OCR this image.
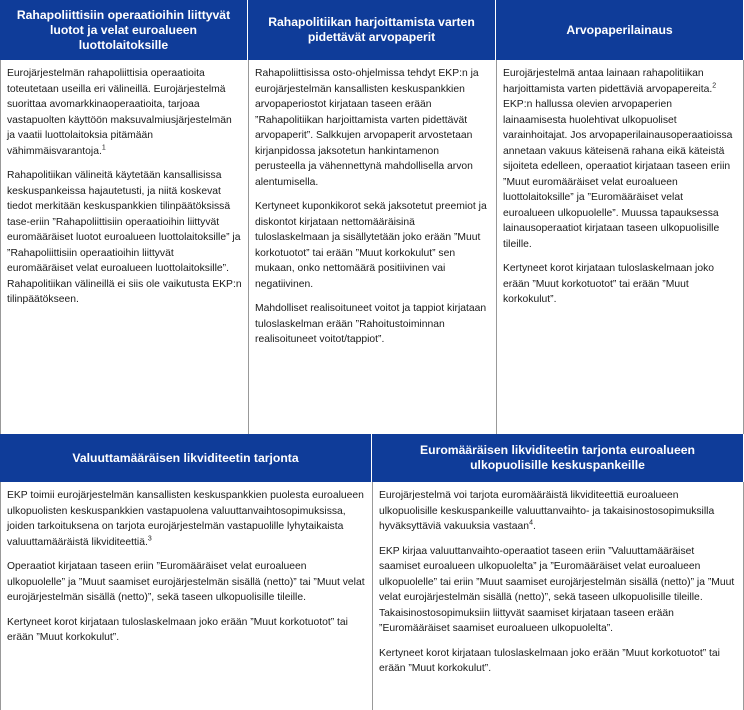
Rahapoliittisiin operaatioihin liittyvät luotot ja velat euroalueen luottolaitoksille
Rahapolitiikan harjoittamista varten pidettävät arvopaperit
Arvopaperilainaus

Eurojärjestelmän rahapoliittisia operaatioita toteutetaan useilla eri välineillä. Eurojärjestelmä suorittaa avomarkkinaoperaatioita, tarjoaa vastapuolten käyttöön maksuvalmiusjärjestelmän ja vaatii luottolaitoksia pitämään vähimmäisvarantoja.$^1$

Rahapolitiikan välineitä käytetään kansallisissa keskuspankeissa hajautetusti, ja niitä koskevat tiedot merkitään keskuspankkien tilinpäätöksissä tase-eriin ”Rahapoliittisiin operaatioihin liittyvät euromääräiset luotot euroalueen luottolaitoksille” ja ”Rahapoliittisiin operaatioihin liittyvät euromääräiset velat euroalueen luottolaitoksille”. Rahapolitiikan välineillä ei siis ole vaikutusta EKP:n tilinpäätökseen.

Rahapoliittisissa osto-ohjelmissa tehdyt EKP:n ja eurojärjestelmän kansallisten keskuspankkien arvopaperiostot kirjataan taseen erään ”Rahapolitiikan harjoittamista varten pidettävät arvopaperit”. Salkkujen arvopaperit arvostetaan kirjanpidossa jaksotetun hankintamenon perusteella ja vähennettynä mahdollisella arvon alentumisella.

Kertyneet kuponkikorot sekä jaksotetut preemiot ja diskontot kirjataan nettomääräisinä tuloslaskelmaan ja sisällytetään joko erään ”Muut korkotuotot” tai erään ”Muut korkokulut” sen mukaan, onko nettomäärä positiivinen vai negatiivinen.

Mahdolliset realisoituneet voitot ja tappiot kirjataan tuloslaskelman erään ”Rahoitustoiminnan realisoituneet voitot/tappiot”.

Eurojärjestelmä antaa lainaan rahapolitiikan harjoittamista varten pidettäviä arvopapereita.$^2$ EKP:n hallussa olevien arvopaperien lainaamisesta huolehtivat ulkopuoliset varainhoitajat. Jos arvopaperilainausoperaatioissa annetaan vakuus käteisenä rahana eikä käteistä sijoiteta edelleen, operaatiot kirjataan taseen eriin ”Muut euromääräiset velat euroalueen luottolaitoksille” ja ”Euromääräiset velat euroalueen ulkopuolelle”. Muussa tapauksessa lainausoperaatiot kirjataan taseen ulkopuolisille tileille.

Kertyneet korot kirjataan tuloslaskelmaan joko erään ”Muut korkotuotot” tai erään ”Muut korkokulut”.

Valuuttamääräisen likviditeetin tarjonta
Euromääräisen likviditeetin tarjonta euroalueen ulkopuolisille keskuspankeille

EKP toimii eurojärjestelmän kansallisten keskuspankkien puolesta euroalueen ulkopuolisten keskuspankkien vastapuolena valuuttanvaihtosopimuksissa, joiden tarkoituksena on tarjota eurojärjestelmän vastapuolille lyhytaikaista valuuttamääräistä likviditeettiä.$^3$

Operaatiot kirjataan taseen eriin ”Euromääräiset velat euroalueen ulkopuolelle” ja ”Muut saamiset eurojärjestelmän sisällä (netto)” tai ”Muut velat eurojärjestelmän sisällä (netto)”, sekä taseen ulkopuolisille tileille.

Kertyneet korot kirjataan tuloslaskelmaan joko erään ”Muut korkotuotot” tai erään ”Muut korkokulut”.

Eurojärjestelmä voi tarjota euromääräistä likviditeettiä euroalueen ulkopuolisille keskuspankeille valuuttanvaihto- ja takaisinostosopimuksilla hyväksyttäviä vakuuksia vastaan$^4$.

EKP kirjaa valuuttanvaihto-operaatiot taseen eriin ”Valuuttamääräiset saamiset euroalueen ulkopuolelta” ja ”Euromääräiset velat euroalueen ulkopuolelle” tai eriin ”Muut saamiset eurojärjestelmän sisällä (netto)” ja ”Muut velat eurojärjestelmän sisällä (netto)”, sekä taseen ulkopuolisille tileille. Takaisinostosopimuksiin liittyvät saamiset kirjataan taseen erään ”Euromääräiset saamiset euroalueen ulkopuolelta”.

Kertyneet korot kirjataan tuloslaskelmaan joko erään ”Muut korkotuotot” tai erään ”Muut korkokulut”.
